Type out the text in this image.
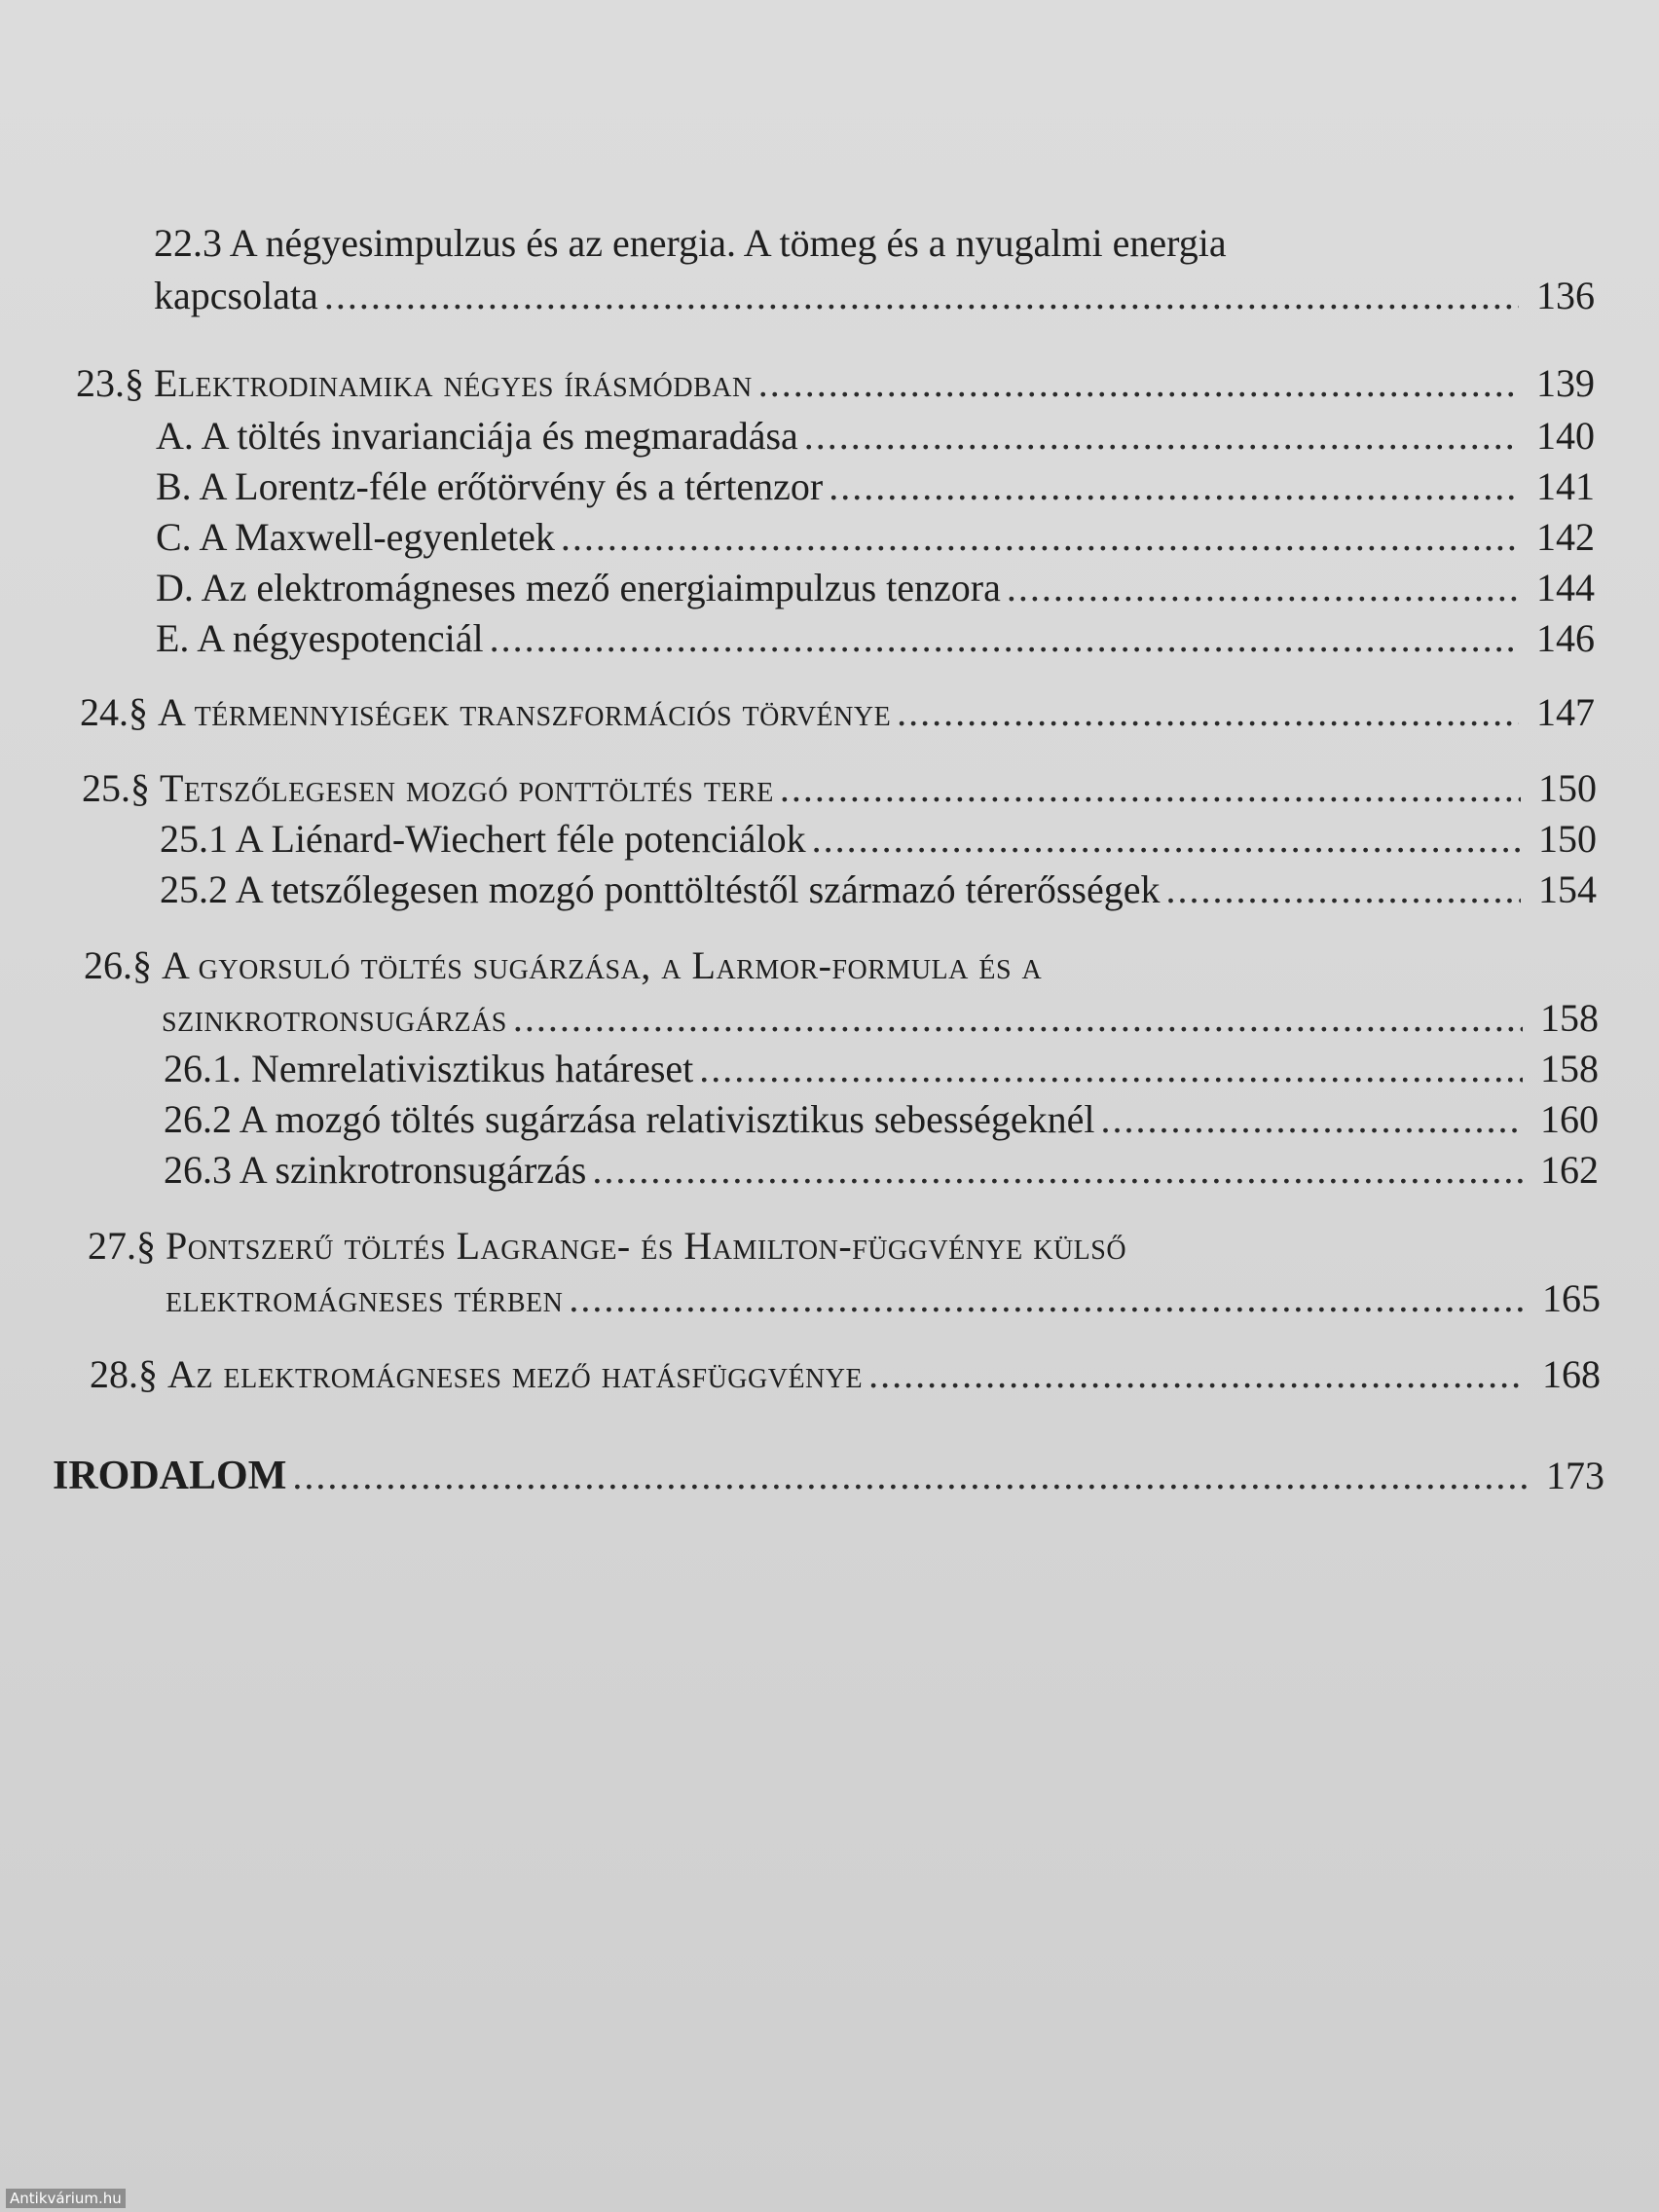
22.3 A négyesimpulzus és az energia. A tömeg és a nyugalmi energia
kapcsolata .....	136
23.§ Elektrodinamika négyes írásmódban .....	139
A. A töltés invarianciája és megmaradása .....	140
B. A Lorentz-féle erőtörvény és a tértenzor .....	141
C. A Maxwell-egyenletek .....	142
D. Az elektromágneses mező energiaimpulzus tenzora .....	144
E. A négyespotenciál .....	146
24.§ A térmennyiségek transzformációs törvénye .....	147
25.§ Tetszőlegesen mozgó ponttöltés tere .....	150
25.1 A Liénard-Wiechert féle potenciálok .....	150
25.2 A tetszőlegesen mozgó ponttöltéstől származó térerősségek .....	154
26.§ A gyorsuló töltés sugárzása, a Larmor-formula és a
szinkrotronsugárzás .....	158
26.1. Nemrelativisztikus határeset .....	158
26.2 A mozgó töltés sugárzása relativisztikus sebességeknél .....	160
26.3 A szinkrotronsugárzás .....	162
27.§ Pontszerű töltés Lagrange- és Hamilton-függvénye külső
elektromágneses térben .....	165
28.§ Az elektromágneses mező hatásfüggvénye .....	168
IRODALOM .....	173
Antikvárium.hu
